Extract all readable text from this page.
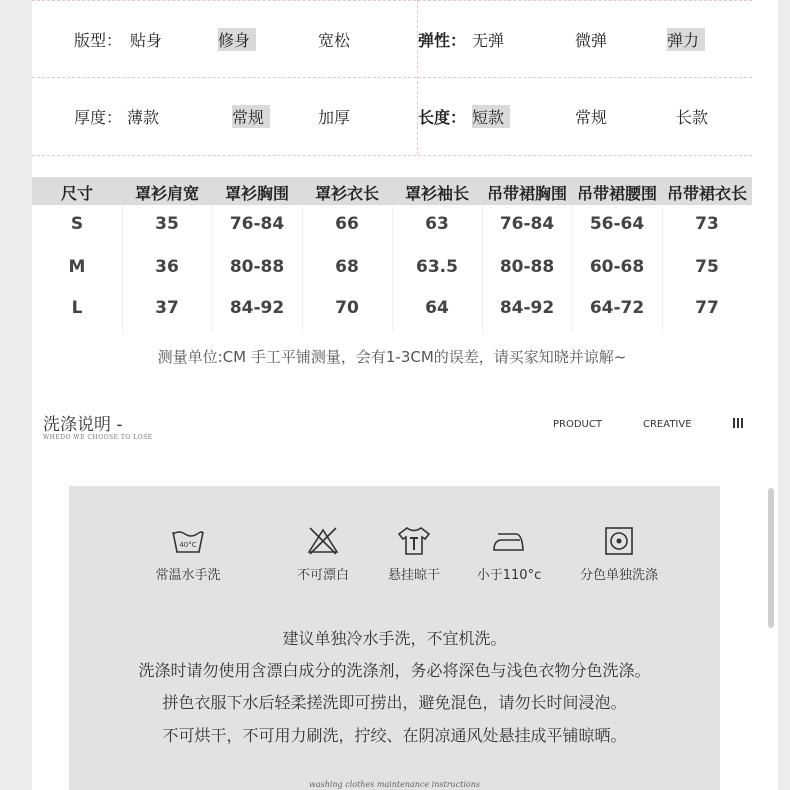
版型： 贴身	修身	宽松	弹性： 无弹	微弹	弹力
厚度： 薄款	常规	加厚	长度： 短款	常规	长款
尺寸	罩衫肩宽	罩衫胸围	罩衫衣长	罩衫袖长	吊带裙胸围 吊带裙腰围 吊带裙衣长
S	35	76-84	66	63	76-84	56-64	73
M	36	80-88	68	63.5	80-88	60-68	75
L	37	84-92	70	64	84-92	64-72	77
测量单位:CM 手工平铺测量，会有1-3CM的误差，请买家知晓并谅解~
洗涤说明 -
WHEDO WE CHOOSE TO LOSE
PRODUCT	CREATIVE
40°C
常温水手洗	不可漂白	悬挂晾干	小于110°c	分色单独洗涤
建议单独冷水手洗，不宜机洗。
洗涤时请勿使用含漂白成分的洗涤剂，务必将深色与浅色衣物分色洗涤。
拼色衣服下水后轻柔搓洗即可捞出，避免混色，请勿长时间浸泡。
不可烘干，不可用力刷洗，拧绞、在阴凉通风处悬挂成平铺晾晒。
washing clothes maintenance instructions
